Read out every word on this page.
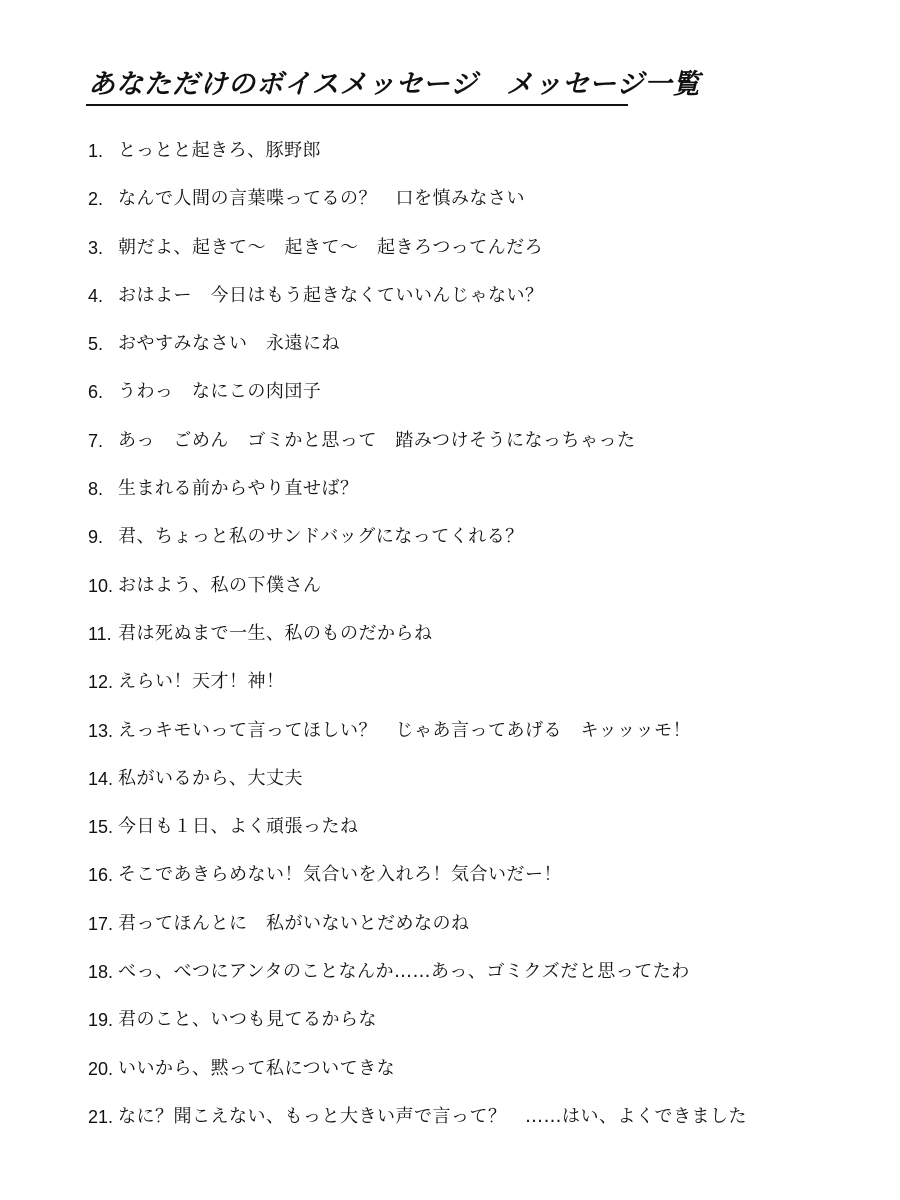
あなただけのボイスメッセージ　メッセージ一覧
1. とっとと起きろ、豚野郎
2. なんで人間の言葉喋ってるの？　口を慎みなさい
3. 朝だよ、起きて～　起きて～　起きろつってんだろ
4. おはよー　今日はもう起きなくていいんじゃない？
5. おやすみなさい　永遠にね
6. うわっ　なにこの肉団子
7. あっ　ごめん　ゴミかと思って　踏みつけそうになっちゃった
8. 生まれる前からやり直せば？
9. 君、ちょっと私のサンドバッグになってくれる？
10. おはよう、私の下僕さん
11. 君は死ぬまで一生、私のものだからね
12. えらい！天才！神！
13. えっキモいって言ってほしい？　じゃあ言ってあげる　キッッッモ！
14. 私がいるから、大丈夫
15. 今日も１日、よく頑張ったね
16. そこであきらめない！気合いを入れろ！気合いだー！
17. 君ってほんとに　私がいないとだめなのね
18. べっ、べつにアンタのことなんか……あっ、ゴミクズだと思ってたわ
19. 君のこと、いつも見てるからな
20. いいから、黙って私についてきな
21. なに？聞こえない、もっと大きい声で言って？　……はい、よくできました
